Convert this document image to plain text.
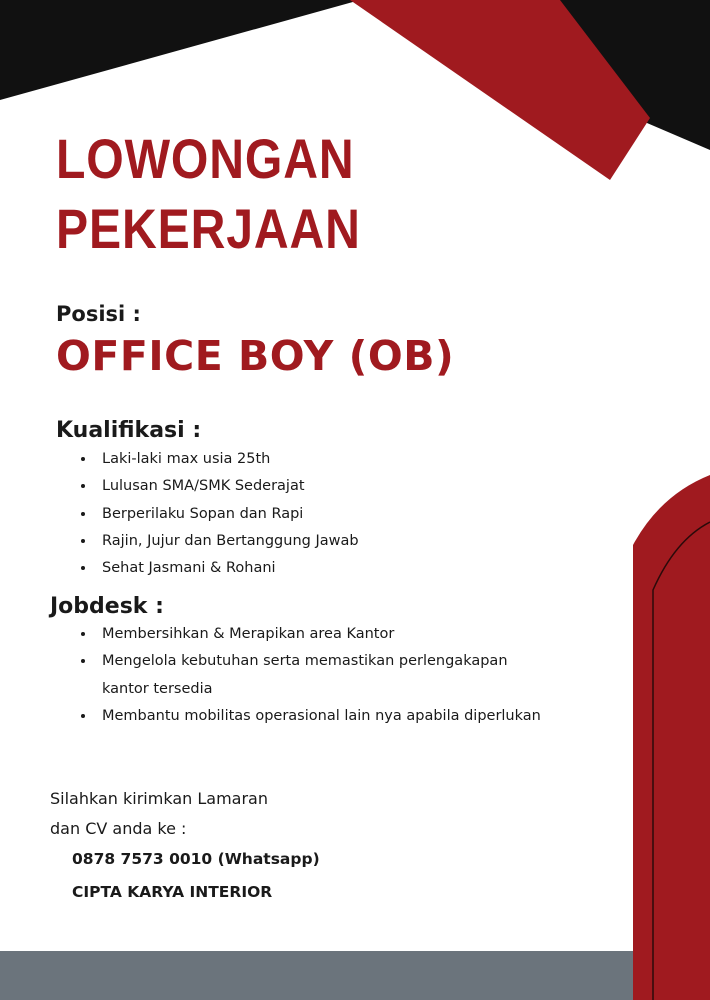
LOWONGAN
PEKERJAAN
Posisi :
OFFICE BOY (OB)
Kualifikasi :
• Laki-laki max usia 25th
• Lulusan SMA/SMK Sederajat
• Berperilaku Sopan dan Rapi
• Rajin, Jujur dan Bertanggung Jawab
• Sehat Jasmani & Rohani
Jobdesk :
• Membersihkan & Merapikan area Kantor
• Mengelola kebutuhan serta memastikan perlengakapan kantor tersedia
• Membantu mobilitas operasional lain nya apabila diperlukan
Silahkan kirimkan Lamaran
dan CV anda ke :
0878 7573 0010 (Whatsapp)
CIPTA KARYA INTERIOR
